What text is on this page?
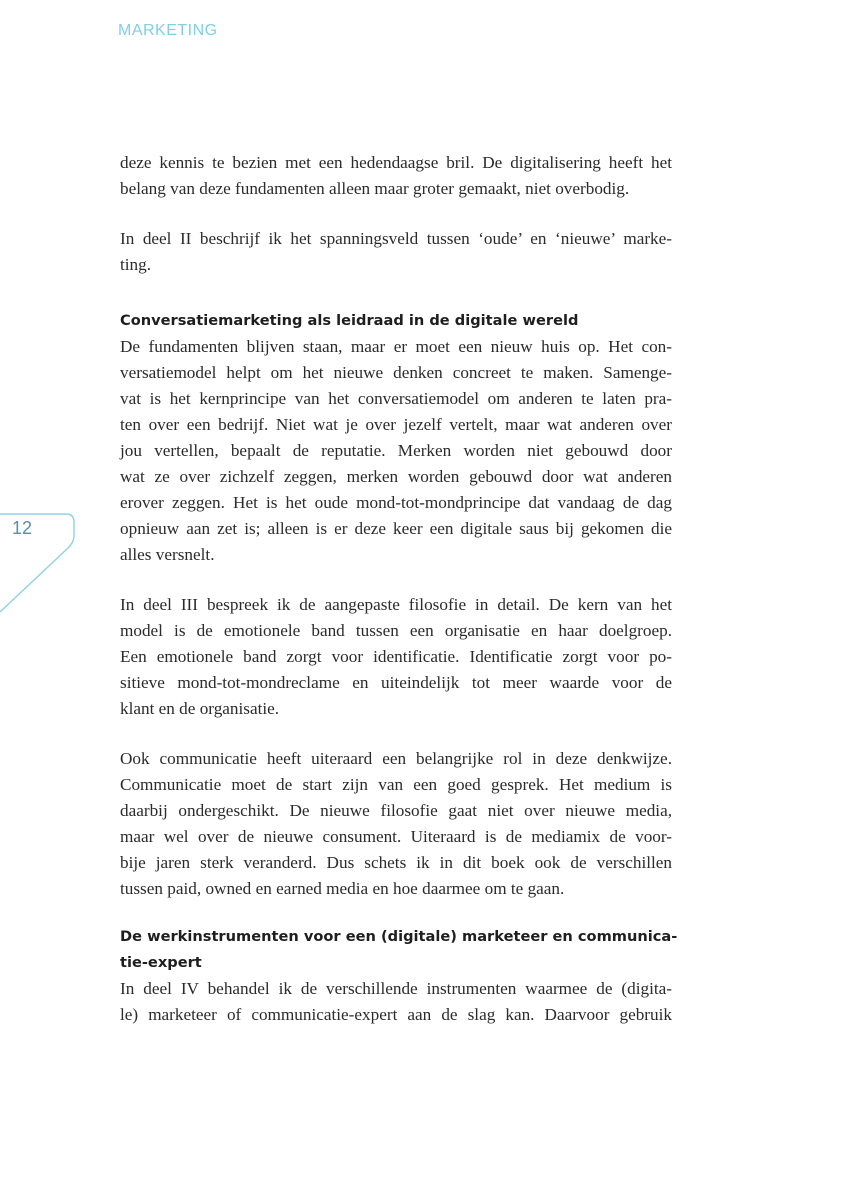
MARKETING
12

deze kennis te bezien met een hedendaagse bril. De digitalisering heeft het
belang van deze fundamenten alleen maar groter gemaakt, niet overbodig.

In deel II beschrijf ik het spanningsveld tussen ‘oude’ en ‘nieuwe’ marke-
ting.

Conversatiemarketing als leidraad in de digitale wereld

De fundamenten blijven staan, maar er moet een nieuw huis op. Het con-
versatiemodel helpt om het nieuwe denken concreet te maken. Samenge-
vat is het kernprincipe van het conversatiemodel om anderen te laten pra-
ten over een bedrijf. Niet wat je over jezelf vertelt, maar wat anderen over
jou vertellen, bepaalt de reputatie. Merken worden niet gebouwd door
wat ze over zichzelf zeggen, merken worden gebouwd door wat anderen
erover zeggen. Het is het oude mond-tot-mondprincipe dat vandaag de dag
opnieuw aan zet is; alleen is er deze keer een digitale saus bij gekomen die
alles versnelt.

In deel III bespreek ik de aangepaste filosofie in detail. De kern van het
model is de emotionele band tussen een organisatie en haar doelgroep.
Een emotionele band zorgt voor identificatie. Identificatie zorgt voor po-
sitieve mond-tot-mondreclame en uiteindelijk tot meer waarde voor de
klant en de organisatie.

Ook communicatie heeft uiteraard een belangrijke rol in deze denkwijze.
Communicatie moet de start zijn van een goed gesprek. Het medium is
daarbij ondergeschikt. De nieuwe filosofie gaat niet over nieuwe media,
maar wel over de nieuwe consument. Uiteraard is de mediamix de voor-
bije jaren sterk veranderd. Dus schets ik in dit boek ook de verschillen
tussen paid, owned en earned media en hoe daarmee om te gaan.

De werkinstrumenten voor een (digitale) marketeer en communica-
tie-expert

In deel IV behandel ik de verschillende instrumenten waarmee de (digita-
le) marketeer of communicatie-expert aan de slag kan. Daarvoor gebruik
